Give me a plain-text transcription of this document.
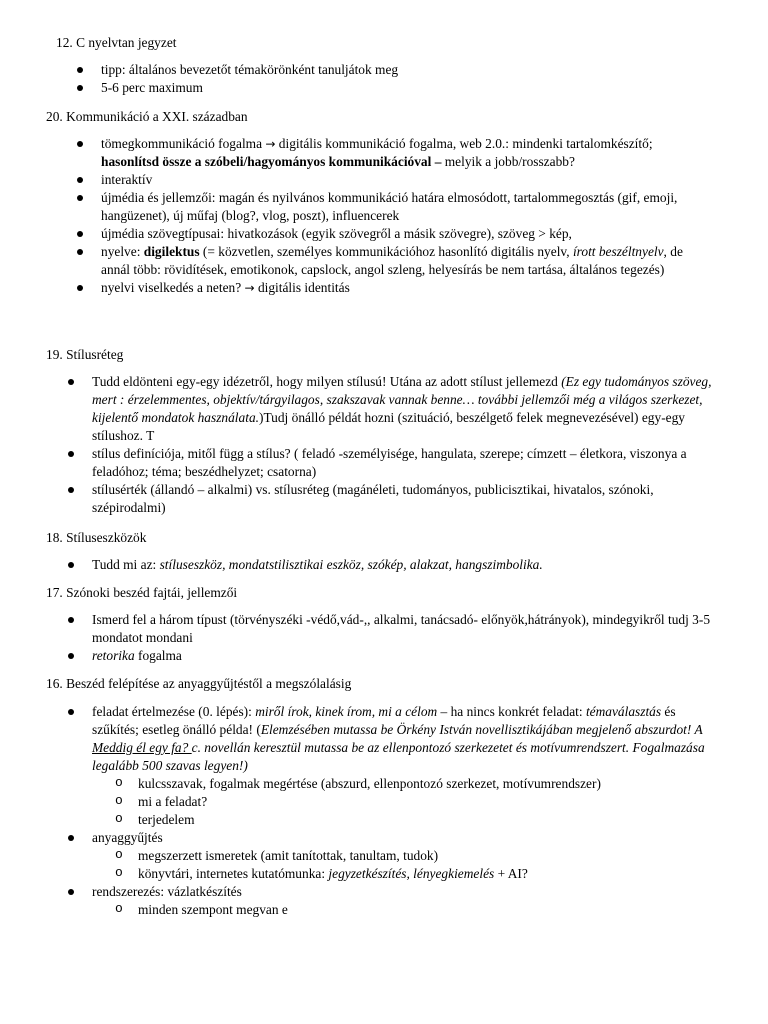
12. C nyelvtan jegyzet
tipp: általános bevezetőt témakörönként tanuljátok meg
5-6 perc maximum
20. Kommunikáció a XXI. században
tömegkommunikáció fogalma → digitális kommunikáció fogalma, web 2.0.: mindenki tartalomkészítő; hasonlítsd össze a szóbeli/hagyományos kommunikációval – melyik a jobb/rosszabb?
interaktív
újmédia és jellemzői: magán és nyilvános kommunikáció határa elmosódott, tartalommegosztás (gif, emoji, hangüzenet), új műfaj (blog?, vlog, poszt), influencerek
újmédia szövegtípusai: hivatkozások (egyik szövegről a másik szövegre), szöveg > kép,
nyelve: digilektus (= közvetlen, személyes kommunikációhoz hasonlító digitális nyelv, írott beszéltnyelv, de annál több: rövidítések, emotikonok, capslock, angol szleng, helyesírás be nem tartása, általános tegezés)
nyelvi viselkedés a neten? → digitális identitás
19. Stílusréteg
Tudd eldönteni egy-egy idézetről, hogy milyen stílusú! Utána az adott stílust jellemezd (Ez egy tudományos szöveg, mert : érzelemmentes, objektív/tárgyilagos, szakszavak vannak benne… további jellemzői még a világos szerkezet, kijelentő mondatok használata.)Tudj önálló példát hozni (szituáció, beszélgető felek megnevezésével) egy-egy stílushoz. T
stílus definíciója, mitől függ a stílus? ( feladó -személyisége, hangulata, szerepe; címzett – életkora, viszonya a feladóhoz; téma; beszédhelyzet; csatorna)
stílusérték (állandó – alkalmi) vs. stílusréteg (magánéleti, tudományos, publicisztikai, hivatalos, szónoki, szépirodalmi)
18. Stíluseszközök
Tudd mi az: stíluseszköz, mondatstilisztikai eszköz, szókép, alakzat, hangszimbolika.
17. Szónoki beszéd fajtái, jellemzői
Ismerd fel a három típust (törvényszéki -védő,vád-,, alkalmi, tanácsadó- előnyök,hátrányok), mindegyikről tudj 3-5 mondatot mondani
retorika fogalma
16. Beszéd felépítése az anyaggyűjtéstől a megszólalásig
feladat értelmezése (0. lépés): miről írok, kinek írom, mi a célom – ha nincs konkrét feladat: témaválasztás és szűkítés; esetleg önálló példa! (Elemzésében mutassa be Örkény István novellisztikájában megjelenő abszurdot! A Meddig él egy fa? c. novellán keresztül mutassa be az ellenpontozó szerkezetet és motívumrendszert. Fogalmazása legalább 500 szavas legyen!)
o kulcsszavak, fogalmak megértése (abszurd, ellenpontozó szerkezet, motívumrendszer)
o mi a feladat?
o terjedelem
anyaggyűjtés
o megszerzett ismeretek (amit tanítottak, tanultam, tudok)
o könyvtári, internetes kutatómunka: jegyzetkészítés, lényegkiemelés + AI?
rendszerezés: vázlatkészítés
o minden szempont megvan e
